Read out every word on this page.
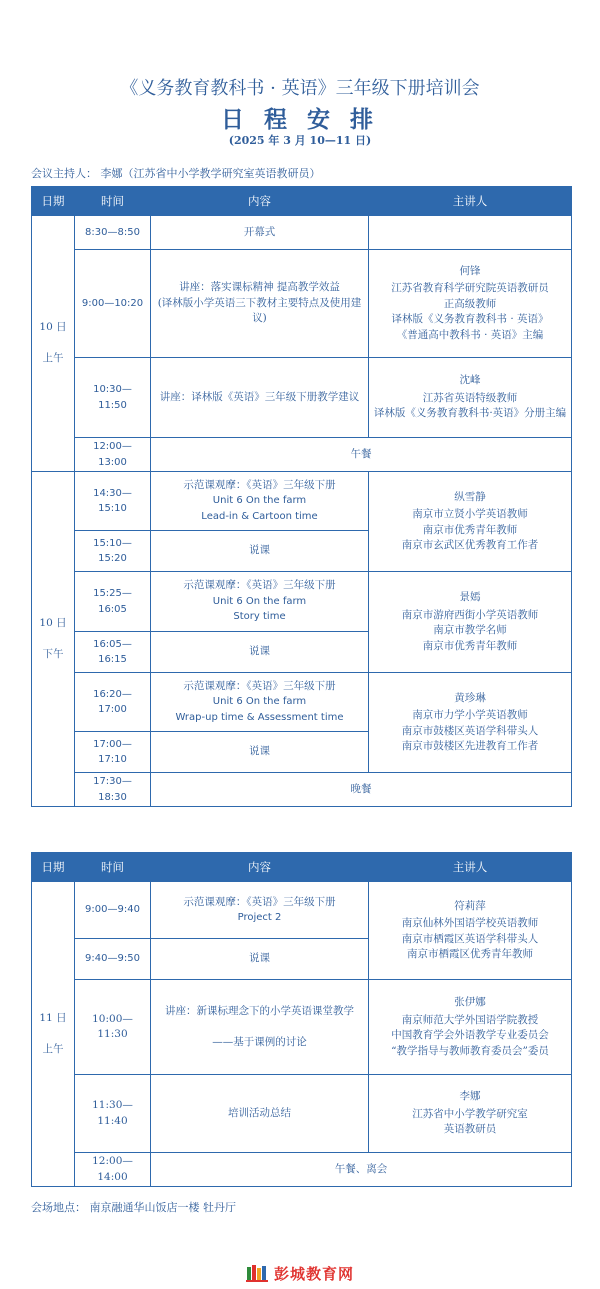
《义务教育教科书 · 英语》三年级下册培训会
日 程 安 排
(2025 年 3 月 10—11 日)
会议主持人： 李娜（江苏省中小学教学研究室英语教研员）
日期	时间	内容	主讲人
10 日

上午	8:30—8:50	开幕式	
	9:00—10:20	讲座：落实课标精神 提高教学效益
(译林版小学英语三下教材主要特点及使用建议)	何锋
江苏省教育科学研究院英语教研员
正高级教师
译林版《义务教育教科书 · 英语》
《普通高中教科书 · 英语》主编
	10:30—11:50	讲座：译林版《英语》三年级下册教学建议	沈峰
江苏省英语特级教师
译林版《义务教育教科书·英语》分册主编
	12:00—13:00	午餐	
10 日

下午	14:30—15:10	示范课观摩：《英语》三年级下册
Unit 6 On the farm
Lead-in & Cartoon time	纵雪静
南京市立贤小学英语教师
南京市优秀青年教师
南京市玄武区优秀教育工作者
	15:10—15:20	说课	
	15:25—16:05	示范课观摩：《英语》三年级下册
Unit 6 On the farm
Story time	景嫣
南京市游府西街小学英语教师
南京市教学名师
南京市优秀青年教师
	16:05—16:15	说课	
	16:20—17:00	示范课观摩：《英语》三年级下册
Unit 6 On the farm
Wrap-up time & Assessment time	黄珍琳
南京市力学小学英语教师
南京市鼓楼区英语学科带头人
南京市鼓楼区先进教育工作者
	17:00—17:10	说课	
	17:30—18:30	晚餐	
日期	时间	内容	主讲人
11 日

上午	9:00—9:40	示范课观摩：《英语》三年级下册
Project 2	符莉萍
南京仙林外国语学校英语教师
南京市栖霞区英语学科带头人
南京市栖霞区优秀青年教师
	9:40—9:50	说课	
	10:00—11:30	讲座：新课标理念下的小学英语课堂教学

——基于课例的讨论	张伊娜
南京师范大学外国语学院教授
中国教育学会外语教学专业委员会
“教学指导与教师教育委员会”委员
	11:30—11:40	培训活动总结	李娜
江苏省中小学教学研究室
英语教研员
	12:00—14:00	午餐、离会	
会场地点： 南京融通华山饭店一楼 牡丹厅
彭城教育网
